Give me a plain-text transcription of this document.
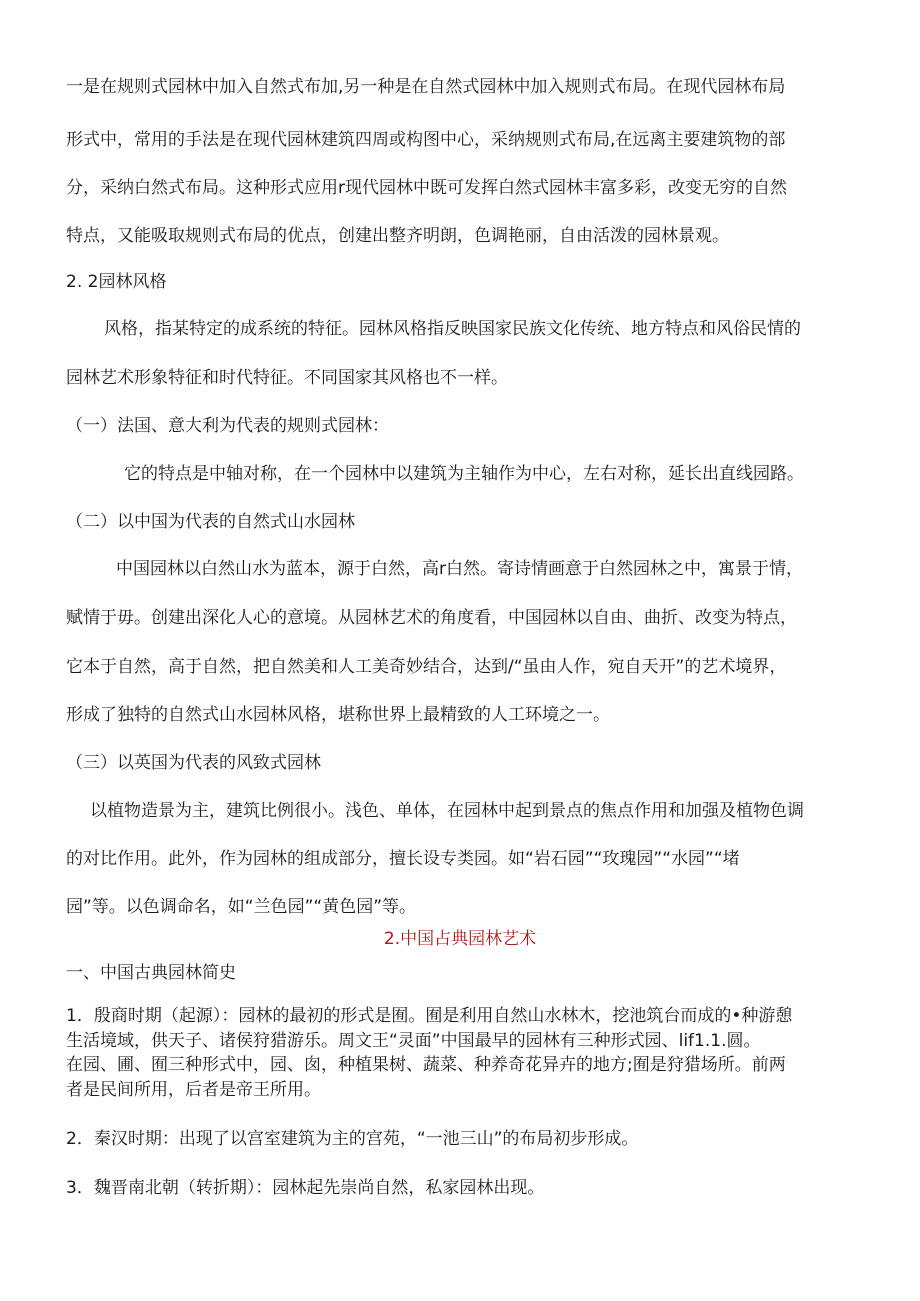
一是在规则式园林中加入自然式布加,另一种是在自然式园林中加入规则式布局。在现代园林布局
形式中，常用的手法是在现代园林建筑四周或构图中心，采纳规则式布局,在远离主要建筑物的部
分，采纳白然式布局。这种形式应用r现代园林中既可发挥白然式园林丰富多彩，改变无穷的自然
特点，又能吸取规则式布局的优点，创建出整齐明朗，色调艳丽，自由活泼的园林景观。
2. 2园林风格
风格，指某特定的成系统的特征。园林风格指反映国家民族文化传统、地方特点和风俗民情的
园林艺术形象特征和时代特征。不同国家其风格也不一样。
（一）法国、意大利为代表的规则式园林：
它的特点是中轴对称，在一个园林中以建筑为主轴作为中心，左右对称，延长出直线园路。
（二）以中国为代表的自然式山水园林
中国园林以白然山水为蓝本，源于白然，高r白然。寄诗情画意于白然园林之中，寓景于情，
赋情于毋。创建出深化人心的意境。从园林艺术的角度看，中国园林以自由、曲折、改变为特点，
它本于自然，高于自然，把自然美和人工美奇妙结合，达到/“虽由人作，宛自天开”的艺术境界，
形成了独特的自然式山水园林风格，堪称世界上最精致的人工环境之一。
（三）以英国为代表的风致式园林
以植物造景为主，建筑比例很小。浅色、单体，在园林中起到景点的焦点作用和加强及植物色调
的对比作用。此外，作为园林的组成部分，擅长设专类园。如“岩石园”“玫瑰园”“水园”“堵
园”等。以色调命名，如“兰色园”“黄色园”等。
2.中国占典园林艺术
一、中国古典园林简史
1．殷商时期（起源）：园林的最初的形式是囿。囿是利用自然山水林木，挖池筑台而成的•种游憩
生活境域，供天子、诸侯狩猎游乐。周文王“灵面”中国最早的园林有三种形式园、lif1.1.圆。
在园、圃、囿三种形式中，园、囱，种植果树、蔬菜、种养奇花异卉的地方;囿是狩猎场所。前两
者是民间所用，后者是帝王所用。
2．秦汉时期：出现了以宫室建筑为主的宫苑，“一池三山”的布局初步形成。
3．魏晋南北朝（转折期）：园林起先崇尚自然，私家园林出现。
